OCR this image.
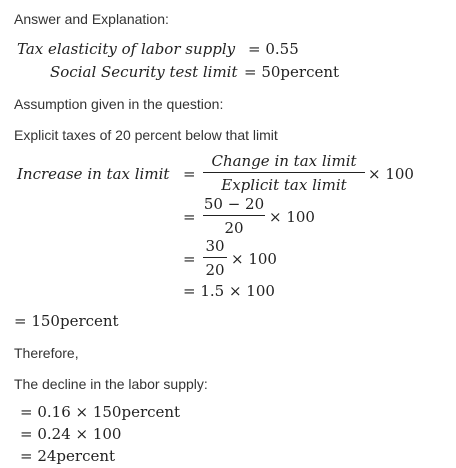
Answer and Explanation:
Tax elasticity of labor supply = 0.55
Social Security test limit = 50percent
Assumption given in the question:
Explicit taxes of 20 percent below that limit
Increase in tax limit =
Change in tax limit
Explicit tax limit
× 100
=
50 − 20
20
× 100
=
30
20
× 100
= 1.5 × 100
= 150percent
Therefore,
The decline in the labor supply:
= 0.16 × 150percent
= 0.24 × 100
= 24percent
